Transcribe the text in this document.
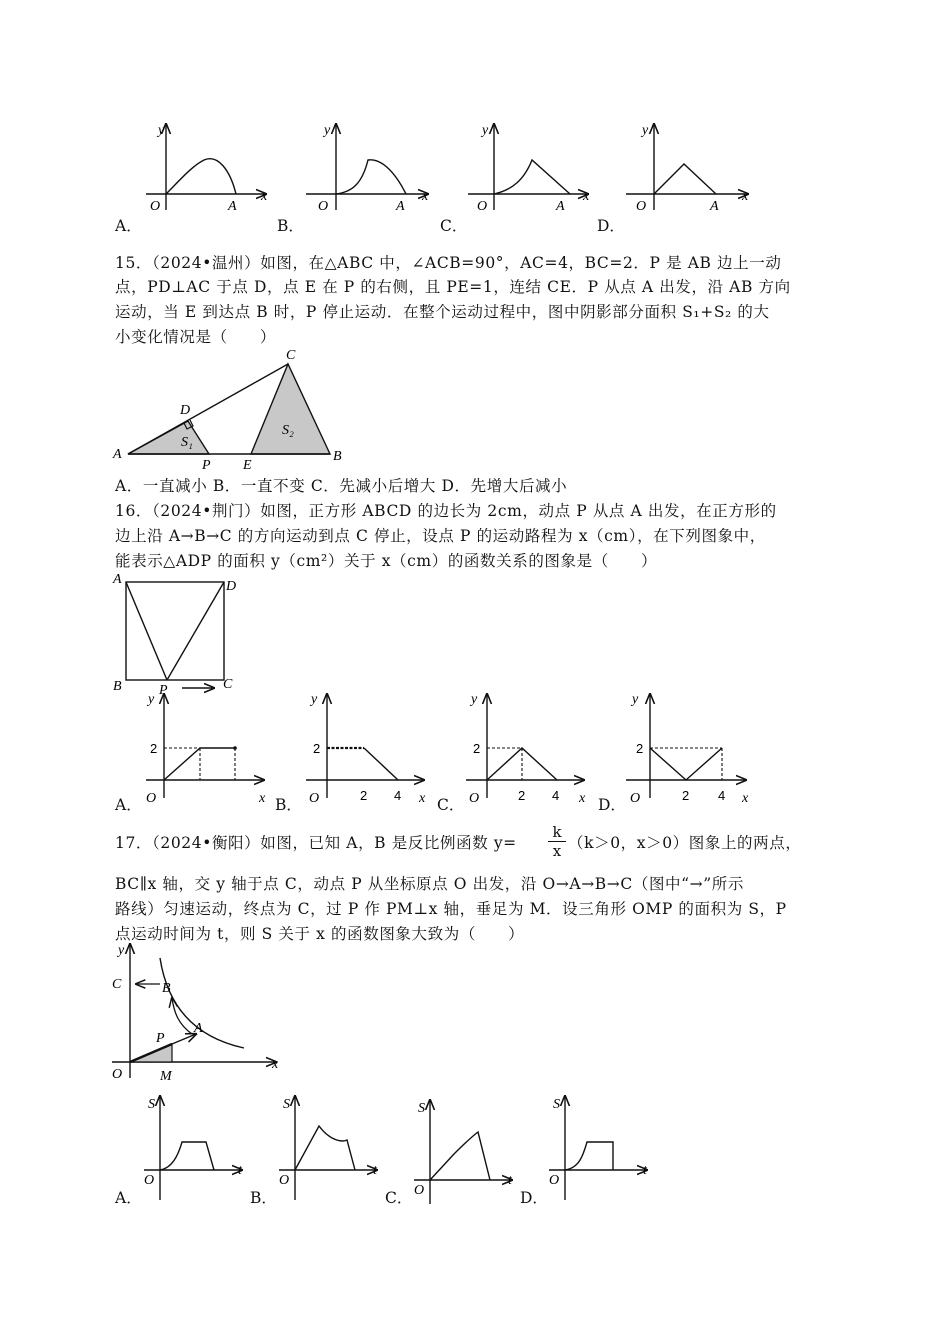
A．	B．	C．	D．
O	A
x
y
O	A
x
y
O	A
x
y
O	A
x
y
15．（2024•温州）如图，在△ABC 中，∠ACB=90°，AC=4，BC=2．P 是 AB 边上一动
点，PD⊥AC 于点 D，点 E 在 P 的右侧，且 PE=1，连结 CE．P 从点 A 出发，沿 AB 方向
运动，当 E 到达点 B 时，P 停止运动．在整个运动过程中，图中阴影部分面积 S₁+S₂ 的大
小变化情况是（　　）
A
D
C
B
P E
S₁
S₂
A．一直减小 B．一直不变 C．先减小后增大 D．先增大后减小
16．（2024•荆门）如图，正方形 ABCD 的边长为 2cm，动点 P 从点 A 出发，在正方形的
边上沿 A→B→C 的方向运动到点 C 停止，设点 P 的运动路程为 x（cm），在下列图象中，
能表示△ADP 的面积 y（cm²）关于 x（cm）的函数关系的图象是（　　）
A	D
B	P	C
A．	B．	C．	D．
2
O	x
y
2
O	2 4 x
y
2
O	2 4 x
y
2
O	2 4 x
y
17．（2024•衡阳）如图，已知 A，B 是反比例函数 $y= \frac{k}{x} (k>0$，x＞0）图象上的两点，
BC∥x 轴，交 y 轴于点 C，动点 P 从坐标原点 O 出发，沿 O→A→B→C（图中“→”所示
路线）匀速运动，终点为 C，过 P 作 PM⊥x 轴，垂足为 M．设三角形 OMP 的面积为 S，P
点运动时间为 t，则 S 关于 x 的函数图象大致为（　　）
O	M
x
y
C	B
A
P
A．	B．	C．	D．
O
t
S
O
t
S
O
t
S
O
t
S
